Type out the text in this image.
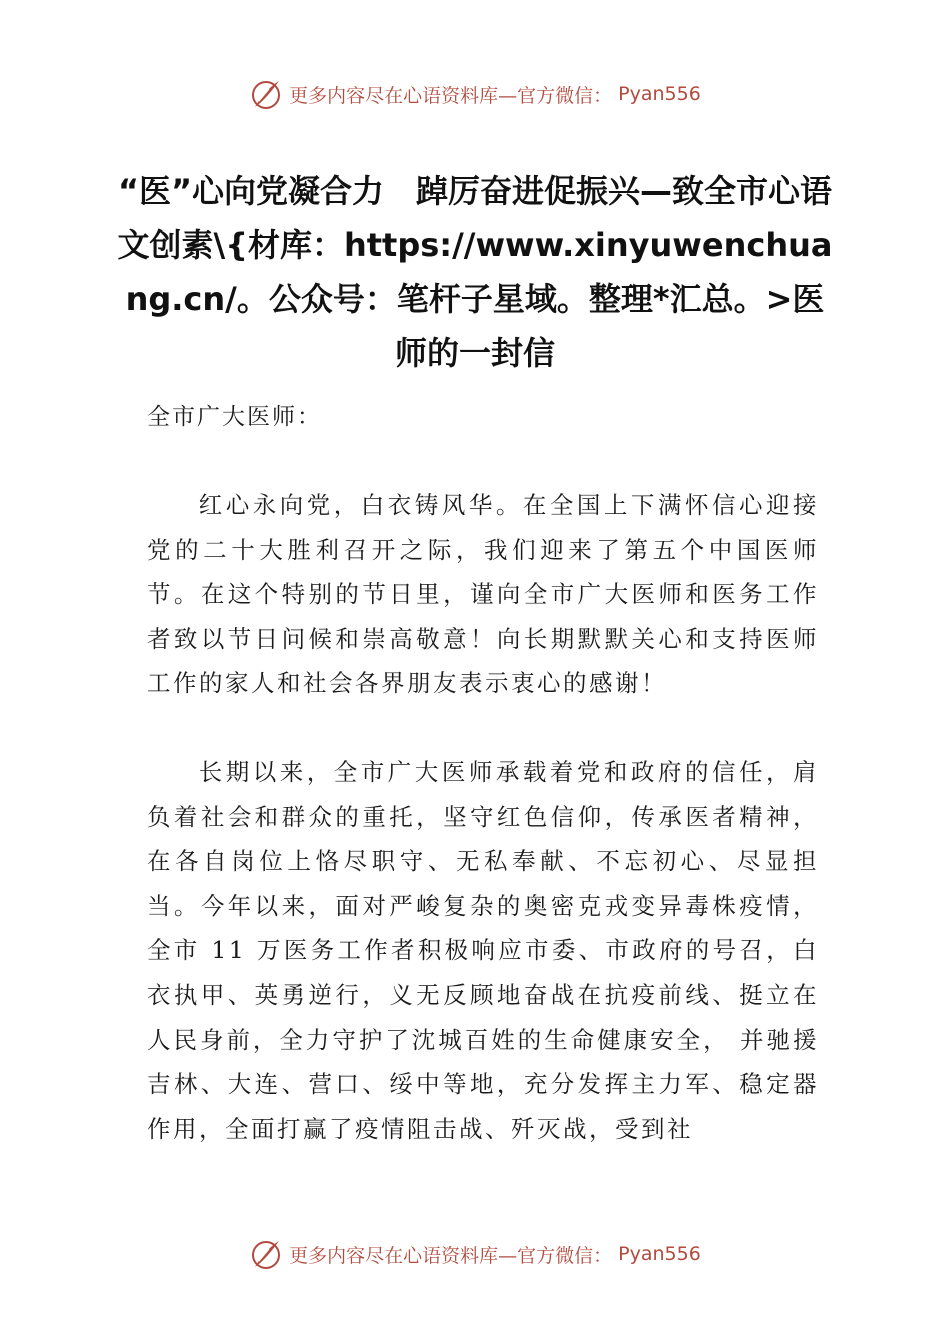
更多内容尽在心语资料库—官方微信： Pyan556
“医”心向党凝合力　踔厉奋进促振兴—致全市心语文创素\{材库：https://www.xinyuwenchuang.cn/。公众号：笔杆子星域。整理*汇总。>医师的一封信
全市广大医师：

红心永向党，白衣铸风华。在全国上下满怀信心迎接党的二十大胜利召开之际，我们迎来了第五个中国医师节。在这个特别的节日里，谨向全市广大医师和医务工作者致以节日问候和崇高敬意！向长期默默关心和支持医师工作的家人和社会各界朋友表示衷心的感谢！

长期以来，全市广大医师承载着党和政府的信任，肩负着社会和群众的重托，坚守红色信仰，传承医者精神，在各自岗位上恪尽职守、无私奉献、不忘初心、尽显担当。今年以来，面对严峻复杂的奥密克戎变异毒株疫情，全市 11 万医务工作者积极响应市委、市政府的号召，白衣执甲、英勇逆行，义无反顾地奋战在抗疫前线、挺立在人民身前，全力守护了沈城百姓的生命健康安全， 并驰援吉林、大连、营口、绥中等地，充分发挥主力军、稳定器作用，全面打赢了疫情阻击战、歼灭战，受到社

更多内容尽在心语资料库—官方微信： Pyan556
